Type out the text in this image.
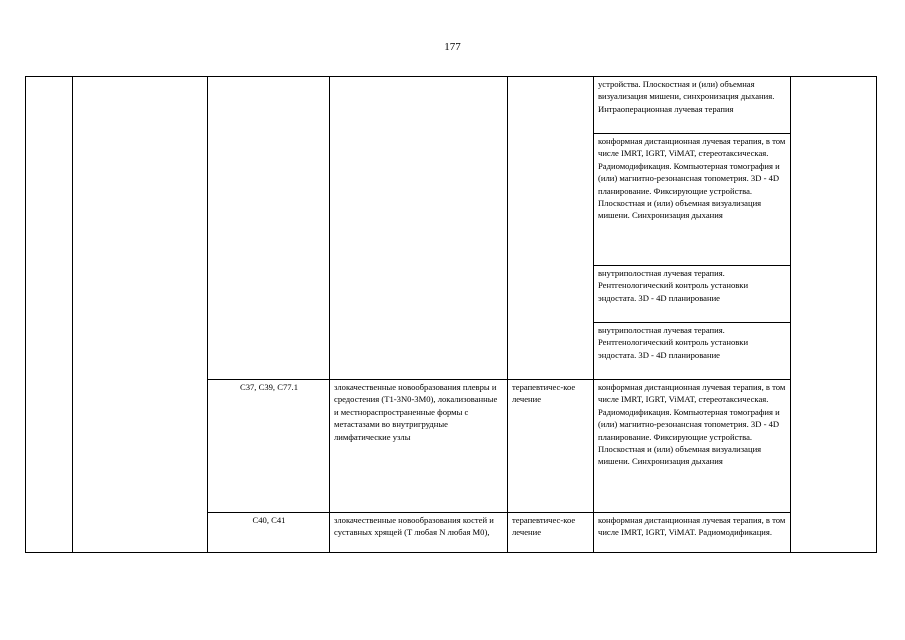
177
					устройства. Плоскостная и (или) объемная визуализация мишени, синхронизация дыхания. Интраоперационная лучевая терапия	
					конформная дистанционная лучевая терапия, в том числе IMRT, IGRT, ViMAT, стереотаксическая. Радиомодификация. Компьютерная томография и (или) магнитно-резонансная топометрия. 3D - 4D планирование. Фиксирующие устройства. Плоскостная и (или) объемная визуализация мишени. Синхронизация дыхания	
					внутриполостная лучевая терапия. Рентгенологический контроль установки эндостата. 3D - 4D планирование	
					внутриполостная лучевая терапия. Рентгенологический контроль установки эндостата. 3D - 4D планирование	
		C37, C39, C77.1	злокачественные новообразования плевры и средостения (T1-3N0-3M0), локализованные и местнораспространенные формы с метастазами во внутригрудные лимфатические узлы	терапевтичес-кое лечение	конформная дистанционная лучевая терапия, в том числе IMRT, IGRT, ViMAT, стереотаксическая. Радиомодификация. Компьютерная томография и (или) магнитно-резонансная топометрия. 3D - 4D планирование. Фиксирующие устройства. Плоскостная и (или) объемная визуализация мишени. Синхронизация дыхания	
		C40, C41	злокачественные новообразования костей и суставных хрящей (T любая N любая M0),	терапевтичес-кое лечение	конформная дистанционная лучевая терапия, в том числе IMRT, IGRT, ViMAT. Радиомодификация.	
